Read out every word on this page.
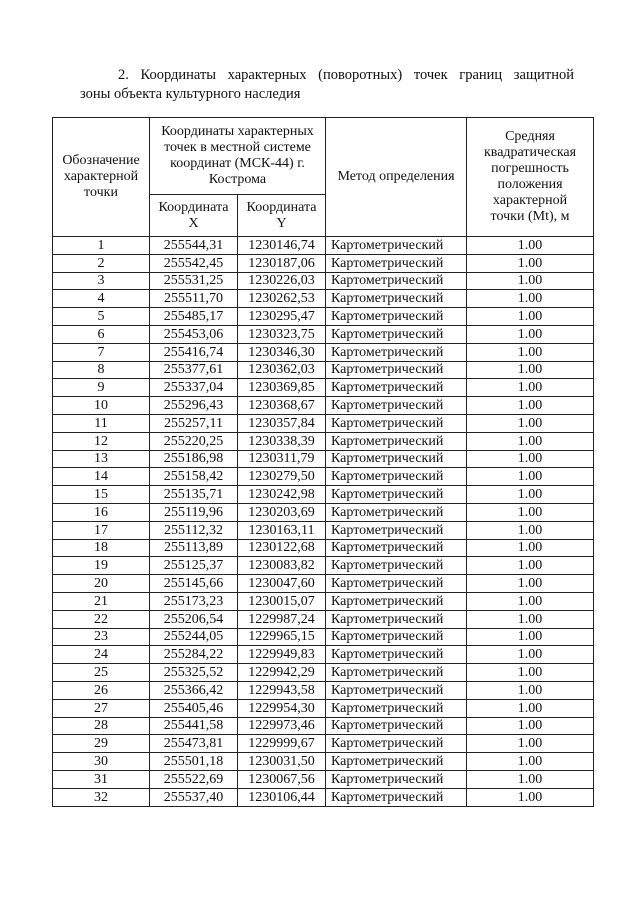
2. Координаты характерных (поворотных) точек границ защитной
зоны объекта культурного наследия
Обозначение характерной точки	Координаты характерных точек в местной системе координат (МСК-44) г. Кострома		Метод определения	Средняя квадратическая погрешность положения характерной точки (Mt), м
	Координата X	Координата Y		
1	255544,31	1230146,74	Картометрический	1.00
2	255542,45	1230187,06	Картометрический	1.00
3	255531,25	1230226,03	Картометрический	1.00
4	255511,70	1230262,53	Картометрический	1.00
5	255485,17	1230295,47	Картометрический	1.00
6	255453,06	1230323,75	Картометрический	1.00
7	255416,74	1230346,30	Картометрический	1.00
8	255377,61	1230362,03	Картометрический	1.00
9	255337,04	1230369,85	Картометрический	1.00
10	255296,43	1230368,67	Картометрический	1.00
11	255257,11	1230357,84	Картометрический	1.00
12	255220,25	1230338,39	Картометрический	1.00
13	255186,98	1230311,79	Картометрический	1.00
14	255158,42	1230279,50	Картометрический	1.00
15	255135,71	1230242,98	Картометрический	1.00
16	255119,96	1230203,69	Картометрический	1.00
17	255112,32	1230163,11	Картометрический	1.00
18	255113,89	1230122,68	Картометрический	1.00
19	255125,37	1230083,82	Картометрический	1.00
20	255145,66	1230047,60	Картометрический	1.00
21	255173,23	1230015,07	Картометрический	1.00
22	255206,54	1229987,24	Картометрический	1.00
23	255244,05	1229965,15	Картометрический	1.00
24	255284,22	1229949,83	Картометрический	1.00
25	255325,52	1229942,29	Картометрический	1.00
26	255366,42	1229943,58	Картометрический	1.00
27	255405,46	1229954,30	Картометрический	1.00
28	255441,58	1229973,46	Картометрический	1.00
29	255473,81	1229999,67	Картометрический	1.00
30	255501,18	1230031,50	Картометрический	1.00
31	255522,69	1230067,56	Картометрический	1.00
32	255537,40	1230106,44	Картометрический	1.00
